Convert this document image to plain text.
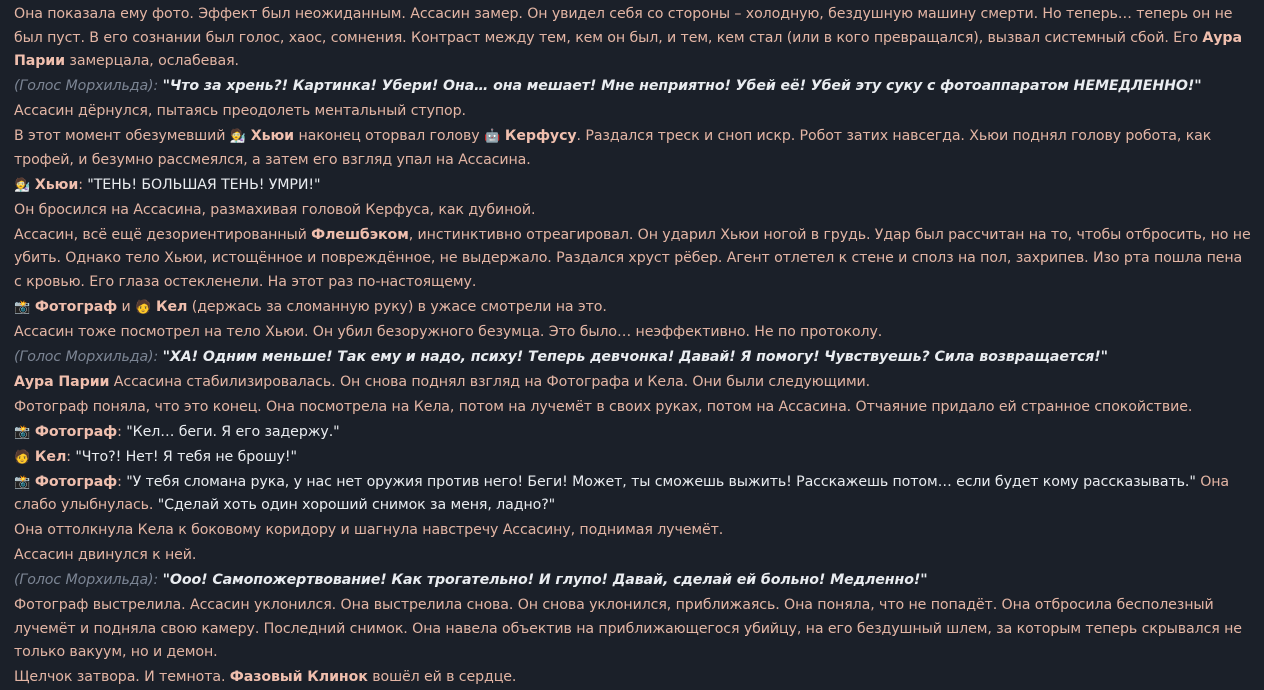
Она показала ему фото. Эффект был неожиданным. Ассасин замер. Он увидел себя со стороны – холодную, бездушную машину смерти. Но теперь… теперь он не был пуст. В его сознании был голос, хаос, сомнения. Контраст между тем, кем он был, и тем, кем стал (или в кого превращался), вызвал системный сбой. Его Аура Парии замерцала, ослабевая.
(Голос Морхильда): "Что за хрень?! Картинка! Убери! Она… она мешает! Мне неприятно! Убей её! Убей эту суку с фотоаппаратом НЕМЕДЛЕННО!"
Ассасин дёрнулся, пытаясь преодолеть ментальный ступор.
В этот момент обезумевший 🧑‍🔬 Хьюи наконец оторвал голову 🤖 Керфусу. Раздался треск и сноп искр. Робот затих навсегда. Хьюи поднял голову робота, как трофей, и безумно рассмеялся, а затем его взгляд упал на Ассасина.
🧑‍🔬 Хьюи: "ТЕНЬ! БОЛЬШАЯ ТЕНЬ! УМРИ!"
Он бросился на Ассасина, размахивая головой Керфуса, как дубиной.
Ассасин, всё ещё дезориентированный Флешбэком, инстинктивно отреагировал. Он ударил Хьюи ногой в грудь. Удар был рассчитан на то, чтобы отбросить, но не убить. Однако тело Хьюи, истощённое и повреждённое, не выдержало. Раздался хруст рёбер. Агент отлетел к стене и сполз на пол, захрипев. Изо рта пошла пена с кровью. Его глаза остекленели. На этот раз по-настоящему.
📸 Фотограф и 🧑 Кел (держась за сломанную руку) в ужасе смотрели на это.
Ассасин тоже посмотрел на тело Хьюи. Он убил безоружного безумца. Это было… неэффективно. Не по протоколу.
(Голос Морхильда): "ХА! Одним меньше! Так ему и надо, психу! Теперь девчонка! Давай! Я помогу! Чувствуешь? Сила возвращается!"
Аура Парии Ассасина стабилизировалась. Он снова поднял взгляд на Фотографа и Кела. Они были следующими.
Фотограф поняла, что это конец. Она посмотрела на Кела, потом на лучемёт в своих руках, потом на Ассасина. Отчаяние придало ей странное спокойствие.
📸 Фотограф: "Кел… беги. Я его задержу."
🧑 Кел: "Что?! Нет! Я тебя не брошу!"
📸 Фотограф: "У тебя сломана рука, у нас нет оружия против него! Беги! Может, ты сможешь выжить! Расскажешь потом… если будет кому рассказывать." Она слабо улыбнулась. "Сделай хоть один хороший снимок за меня, ладно?"
Она оттолкнула Кела к боковому коридору и шагнула навстречу Ассасину, поднимая лучемёт.
Ассасин двинулся к ней.
(Голос Морхильда): "Ооо! Самопожертвование! Как трогательно! И глупо! Давай, сделай ей больно! Медленно!"
Фотограф выстрелила. Ассасин уклонился. Она выстрелила снова. Он снова уклонился, приближаясь. Она поняла, что не попадёт. Она отбросила бесполезный лучемёт и подняла свою камеру. Последний снимок. Она навела объектив на приближающегося убийцу, на его бездушный шлем, за которым теперь скрывался не только вакуум, но и демон.
Щелчок затвора. И темнота. Фазовый Клинок вошёл ей в сердце.
